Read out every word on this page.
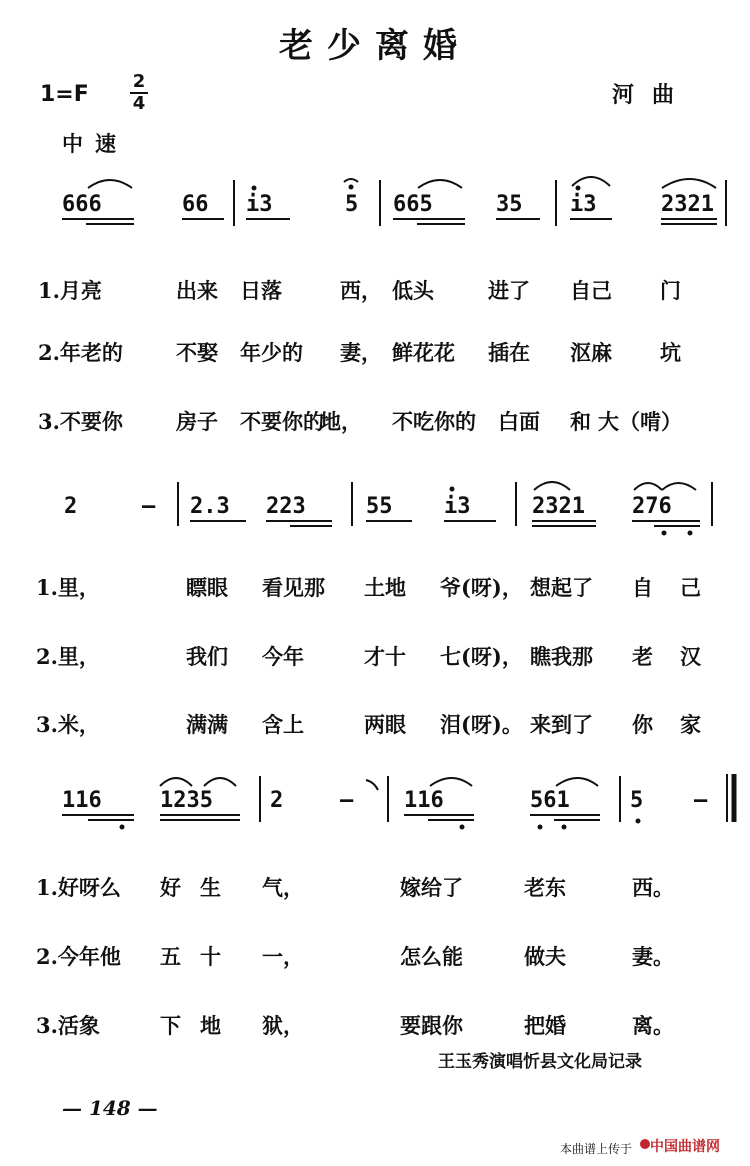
老少离婚
1=F
2
4	河曲
中速
666	66 i3	5 665	35 i3	2321
1.月亮	出来 日落	西， 低头	进了 自己 门
2.年老的	不娶 年少的 妻， 鲜花花 插在 沤麻 坑
3.不要你	房子 不要你的
地， 不吃你的 白面 和 大（啃）
2	— 2.3 223	55 i3	2321 276
1.里，	瞟眼 看见那 土地 爷(呀)， 想起了 自 己
2.里，	我们 今年	才十 七(呀)， 瞧我那 老 汉
3.米，	满满 含上	两眼 泪(呀)。 来到了 你 家
116	1235	2	— 116	561	5 —
1.好呀么 好 生 气，	嫁给了	老东	西。
2.今年他 五 十 一，	怎么能	做夫	妻。
3.活象	下 地 狱，	要跟你	把婚	离。
王玉秀演唱忻县文化局记录
— 148 —
本曲谱上传于 中国曲谱网
